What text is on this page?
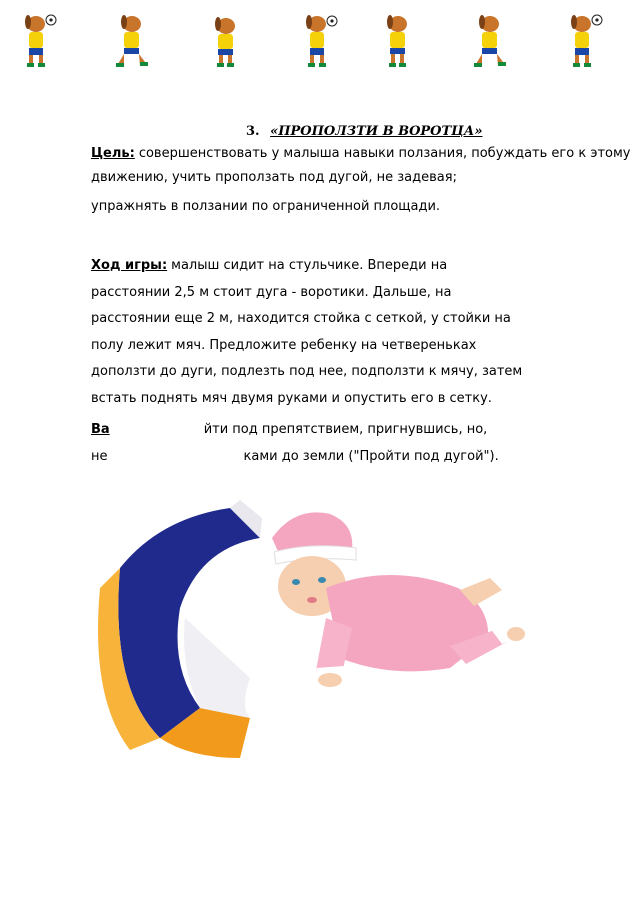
3. «ПРОПОЛЗТИ В ВОРОТЦА»
Цель: совершенствовать у малыша навыки ползания, побуждать его к этому
движению, учить проползать под дугой, не задевая;
упражнять в ползании по ограниченной площади.
Ход игры: малыш сидит на стульчике. Впереди на
расстоянии 2,5 м стоит дуга - воротики. Дальше, на
расстоянии еще 2 м, находится стойка с сеткой, у стойки на
полу лежит мяч. Предложите ребенку на четвереньках
доползти до дуги, подлезть под нее, подползти к мячу, затем
встать поднять мяч двумя руками и опустить его в сетку.
Ва	йти под препятствием, пригнувшись, но,
не	ками до земли ("Пройти под дугой").
